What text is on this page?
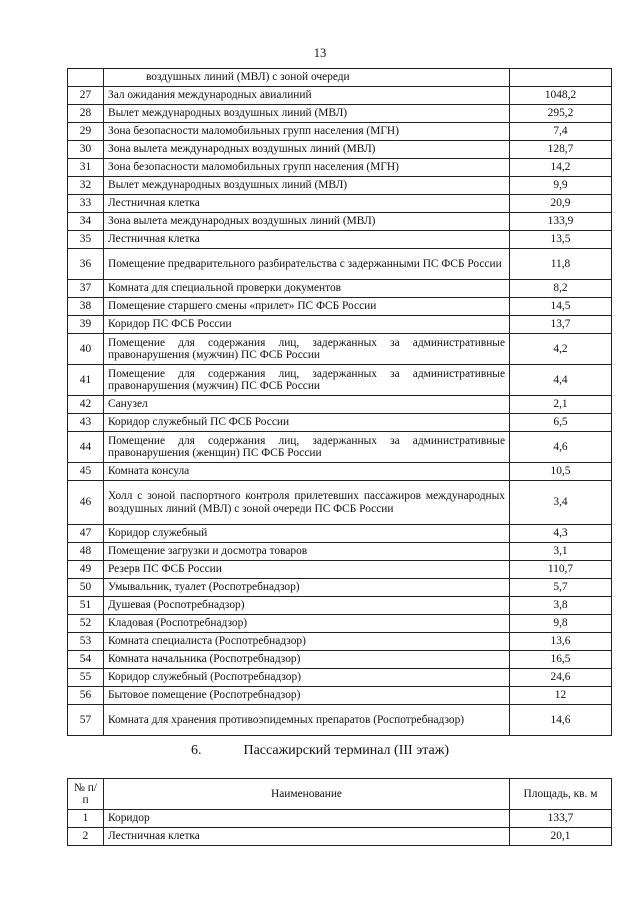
13
	воздушных линий (МВЛ) с зоной очереди	
27	Зал ожидания международных авиалиний	1048,2
28	Вылет международных воздушных линий (МВЛ)	295,2
29	Зона безопасности маломобильных групп населения (МГН)	7,4
30	Зона вылета международных воздушных линий (МВЛ)	128,7
31	Зона безопасности маломобильных групп населения (МГН)	14,2
32	Вылет международных воздушных линий (МВЛ)	9,9
33	Лестничная клетка	20,9
34	Зона вылета международных воздушных линий (МВЛ)	133,9
35	Лестничная клетка	13,5
36	Помещение предварительного разбирательства с задержанными ПС ФСБ России	11,8
37	Комната для специальной проверки документов	8,2
38	Помещение старшего смены «прилет» ПС ФСБ России	14,5
39	Коридор ПС ФСБ России	13,7
40	Помещение для содержания лиц, задержанных за административные правонарушения (мужчин) ПС ФСБ России	4,2
41	Помещение для содержания лиц, задержанных за административные правонарушения (мужчин) ПС ФСБ России	4,4
42	Санузел	2,1
43	Коридор служебный ПС ФСБ России	6,5
44	Помещение для содержания лиц, задержанных за административные правонарушения (женщин) ПС ФСБ России	4,6
45	Комната консула	10,5
46	Холл с зоной паспортного контроля прилетевших пассажиров международных воздушных линий (МВЛ) с зоной очереди ПС ФСБ России	3,4
47	Коридор служебный	4,3
48	Помещение загрузки и досмотра товаров	3,1
49	Резерв ПС ФСБ России	110,7
50	Умывальник, туалет (Роспотребнадзор)	5,7
51	Душевая (Роспотребнадзор)	3,8
52	Кладовая (Роспотребнадзор)	9,8
53	Комната специалиста (Роспотребнадзор)	13,6
54	Комната начальника (Роспотребнадзор)	16,5
55	Коридор служебный (Роспотребнадзор)	24,6
56	Бытовое помещение (Роспотребнадзор)	12
57	Комната для хранения противоэпидемных препаратов (Роспотребнадзор)	14,6
6.	Пассажирский терминал (III этаж)
№ п/п	Наименование	Площадь, кв. м
1	Коридор	133,7
2	Лестничная клетка	20,1
